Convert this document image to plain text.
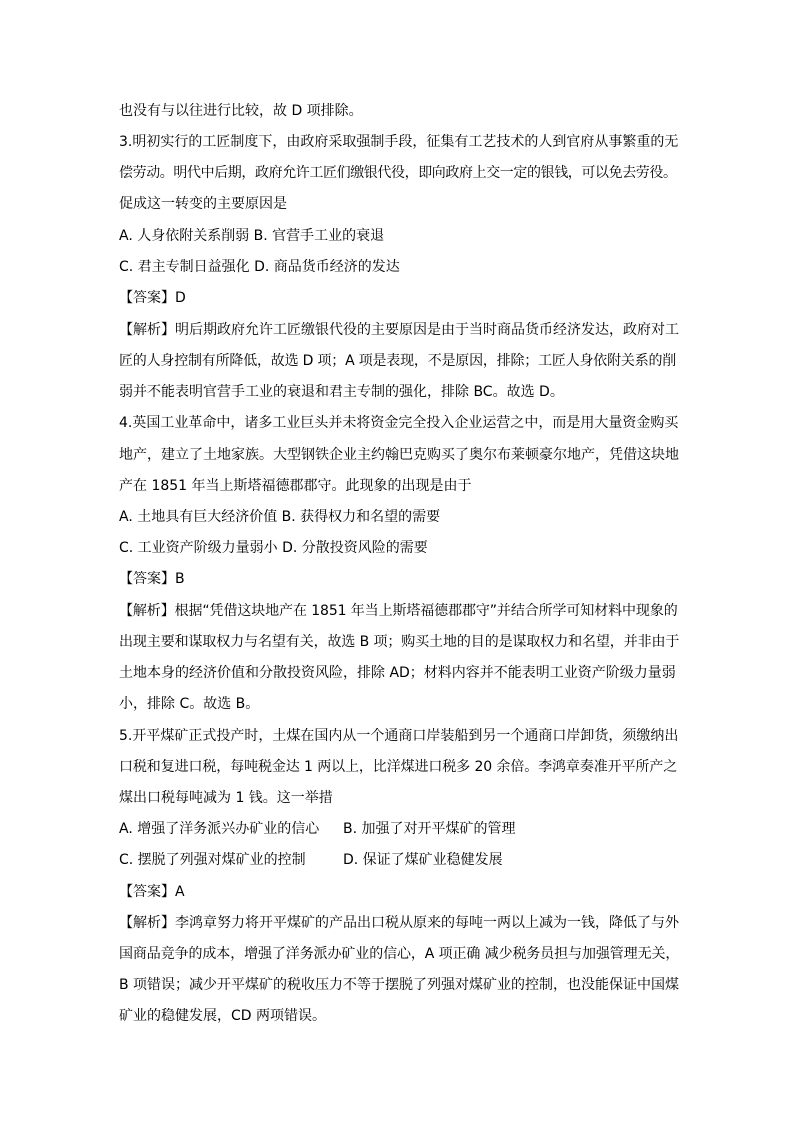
也没有与以往进行比较，故 D 项排除。
3.明初实行的工匠制度下，由政府采取强制手段，征集有工艺技术的人到官府从事繁重的无
偿劳动。明代中后期，政府允许工匠们缴银代役，即向政府上交一定的银钱，可以免去劳役。
促成这一转变的主要原因是
A. 人身依附关系削弱 B. 官营手工业的衰退
C. 君主专制日益强化 D. 商品货币经济的发达
【答案】D
【解析】明后期政府允许工匠缴银代役的主要原因是由于当时商品货币经济发达，政府对工
匠的人身控制有所降低，故选 D 项；A 项是表现，不是原因，排除；工匠人身依附关系的削
弱并不能表明官营手工业的衰退和君主专制的强化，排除 BC。故选 D。
4.英国工业革命中，诸多工业巨头并未将资金完全投入企业运营之中，而是用大量资金购买
地产，建立了土地家族。大型钢铁企业主约翰巴克购买了奥尔布莱顿豪尔地产，凭借这块地
产在 1851 年当上斯塔福德郡郡守。此现象的出现是由于
A. 土地具有巨大经济价值 B. 获得权力和名望的需要
C. 工业资产阶级力量弱小 D. 分散投资风险的需要
【答案】B
【解析】根据“凭借这块地产在 1851 年当上斯塔福德郡郡守”并结合所学可知材料中现象的
出现主要和谋取权力与名望有关，故选 B 项；购买土地的目的是谋取权力和名望，并非由于
土地本身的经济价值和分散投资风险，排除 AD；材料内容并不能表明工业资产阶级力量弱
小，排除 C。故选 B。
5.开平煤矿正式投产时，土煤在国内从一个通商口岸装船到另一个通商口岸卸货，须缴纳出
口税和复进口税，每吨税金达 1 两以上，比洋煤进口税多 20 余倍。李鸿章奏准开平所产之
煤出口税每吨减为 1 钱。这一举措
A. 增强了洋务派兴办矿业的信心 B. 加强了对开平煤矿的管理
C. 摆脱了列强对煤矿业的控制	D. 保证了煤矿业稳健发展
【答案】A
【解析】李鸿章努力将开平煤矿的产品出口税从原来的每吨一两以上减为一钱，降低了与外
国商品竞争的成本，增强了洋务派办矿业的信心，A 项正确 减少税务员担与加强管理无关，
B 项错误；减少开平煤矿的税收压力不等于摆脱了列强对煤矿业的控制，也没能保证中国煤
矿业的稳健发展，CD 两项错误。
